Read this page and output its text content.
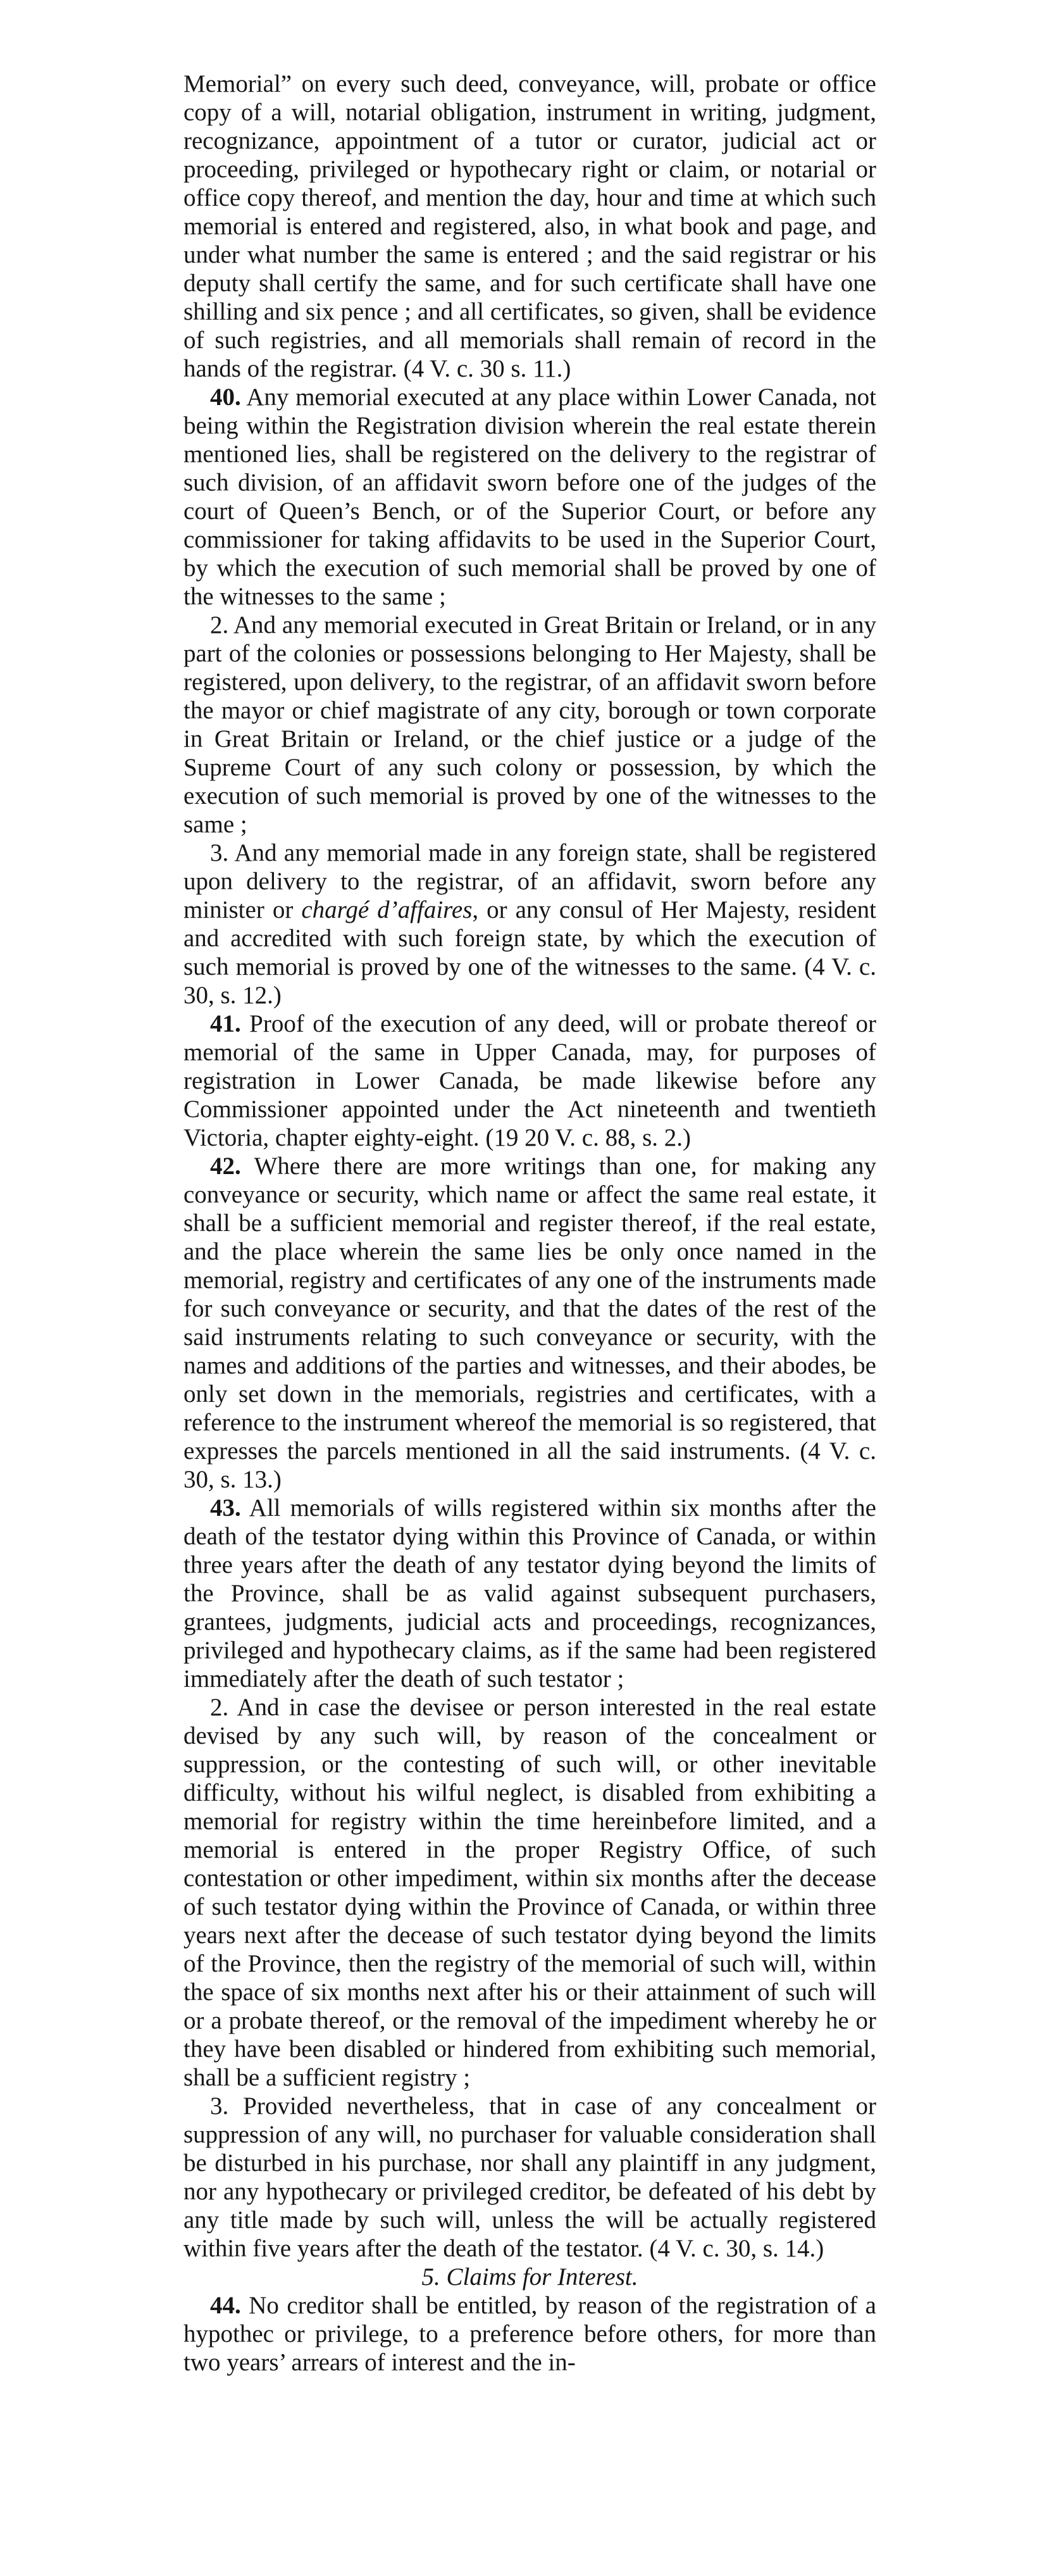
Memorial” on every such deed, conveyance, will, probate or office copy of a will, notarial obligation, instrument in writing, judgment, recognizance, appointment of a tutor or curator, judicial act or proceeding, privileged or hypothecary right or claim, or notarial or office copy thereof, and mention the day, hour and time at which such memorial is entered and registered, also, in what book and page, and under what number the same is entered ; and the said registrar or his deputy shall certify the same, and for such certificate shall have one shilling and six pence ; and all certificates, so given, shall be evidence of such registries, and all memorials shall remain of record in the hands of the registrar. (4 V. c. 30 s. 11.)

40. Any memorial executed at any place within Lower Canada, not being within the Registration division wherein the real estate therein mentioned lies, shall be registered on the delivery to the registrar of such division, of an affidavit sworn before one of the judges of the court of Queen’s Bench, or of the Superior Court, or before any commissioner for taking affidavits to be used in the Superior Court, by which the execution of such memorial shall be proved by one of the witnesses to the same ;

2. And any memorial executed in Great Britain or Ireland, or in any part of the colonies or possessions belonging to Her Majesty, shall be registered, upon delivery, to the registrar, of an affidavit sworn before the mayor or chief magistrate of any city, borough or town corporate in Great Britain or Ireland, or the chief justice or a judge of the Supreme Court of any such colony or possession, by which the execution of such memorial is proved by one of the witnesses to the same ;

3. And any memorial made in any foreign state, shall be registered upon delivery to the registrar, of an affidavit, sworn before any minister or chargé d’affaires, or any consul of Her Majesty, resident and accredited with such foreign state, by which the execution of such memorial is proved by one of the witnesses to the same. (4 V. c. 30, s. 12.)

41. Proof of the execution of any deed, will or probate thereof or memorial of the same in Upper Canada, may, for purposes of registration in Lower Canada, be made likewise before any Commissioner appointed under the Act nineteenth and twentieth Victoria, chapter eighty-eight. (19 20 V. c. 88, s. 2.)

42. Where there are more writings than one, for making any conveyance or security, which name or affect the same real estate, it shall be a sufficient memorial and register thereof, if the real estate, and the place wherein the same lies be only once named in the memorial, registry and certificates of any one of the instruments made for such conveyance or security, and that the dates of the rest of the said instruments relating to such conveyance or security, with the names and additions of the parties and witnesses, and their abodes, be only set down in the memorials, registries and certificates, with a reference to the instrument whereof the memorial is so registered, that expresses the parcels mentioned in all the said instruments. (4 V. c. 30, s. 13.)

43. All memorials of wills registered within six months after the death of the testator dying within this Province of Canada, or within three years after the death of any testator dying beyond the limits of the Province, shall be as valid against subsequent purchasers, grantees, judgments, judicial acts and proceedings, recognizances, privileged and hypothecary claims, as if the same had been registered immediately after the death of such testator ;

2. And in case the devisee or person interested in the real estate devised by any such will, by reason of the concealment or suppression, or the contesting of such will, or other inevitable difficulty, without his wilful neglect, is disabled from exhibiting a memorial for registry within the time hereinbefore limited, and a memorial is entered in the proper Registry Office, of such contestation or other impediment, within six months after the decease of such testator dying within the Province of Canada, or within three years next after the decease of such testator dying beyond the limits of the Province, then the registry of the memorial of such will, within the space of six months next after his or their attainment of such will or a probate thereof, or the removal of the impediment whereby he or they have been disabled or hindered from exhibiting such memorial, shall be a sufficient registry ;

3. Provided nevertheless, that in case of any concealment or suppression of any will, no purchaser for valuable consideration shall be disturbed in his purchase, nor shall any plaintiff in any judgment, nor any hypothecary or privileged creditor, be defeated of his debt by any title made by such will, unless the will be actually registered within five years after the death of the testator. (4 V. c. 30, s. 14.)

5. Claims for Interest.

44. No creditor shall be entitled, by reason of the registration of a hypothec or privilege, to a preference before others, for more than two years’ arrears of interest and the in-
